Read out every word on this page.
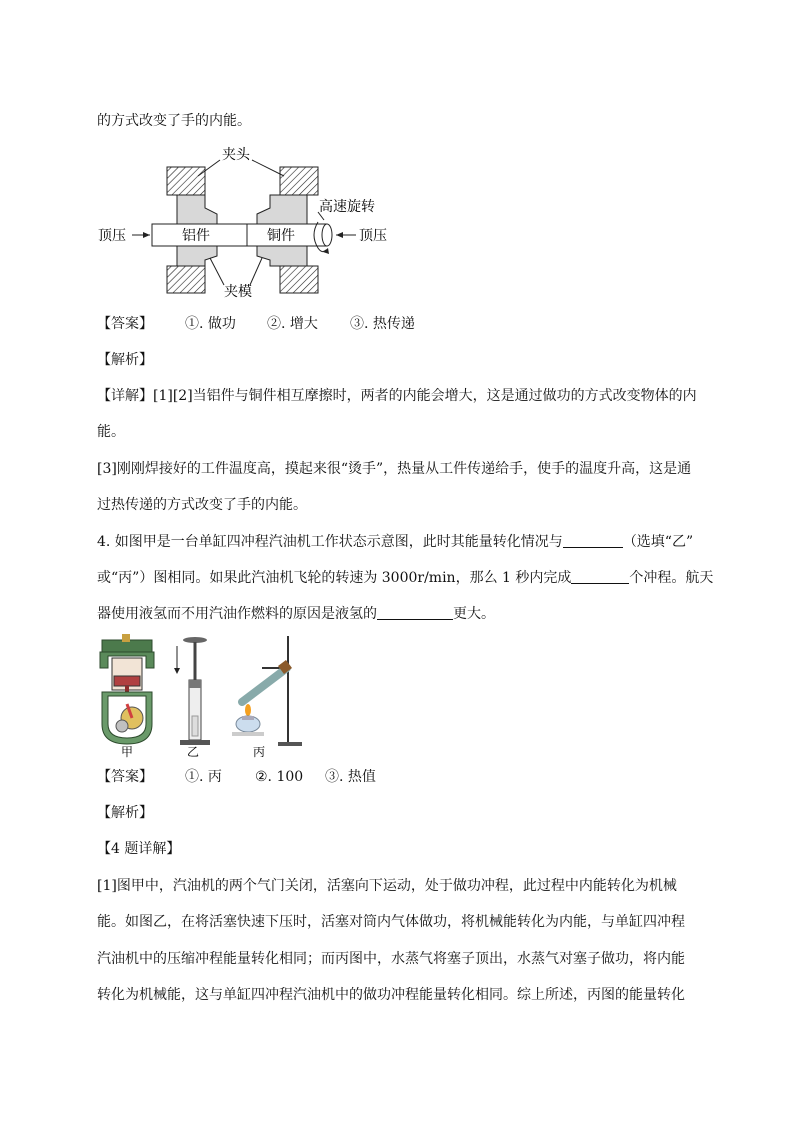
的方式改变了手的内能。
夹头
铝件	铜件
高速旋转
顶压	顶压
夹模
【答案】 ①. 做功 ②. 增大 ③. 热传递
【解析】
【详解】[1][2]当铝件与铜件相互摩擦时，两者的内能会增大，这是通过做功的方式改变物体的内
能。
[3]刚刚焊接好的工件温度高，摸起来很“烫手”，热量从工件传递给手，使手的温度升高，这是通
过热传递的方式改变了手的内能。
4. 如图甲是一台单缸四冲程汽油机工作状态示意图，此时其能量转化情况与	（选填“乙”
或“丙”）图相同。如果此汽油机飞轮的转速为 3000r/min，那么 1 秒内完成	个冲程。航天
器使用液氢而不用汽油作燃料的原因是液氢的	更大。
甲	乙	丙
【答案】 ①. 丙 ②. 100 ③. 热值
【解析】
【4 题详解】
[1]图甲中，汽油机的两个气门关闭，活塞向下运动，处于做功冲程，此过程中内能转化为机械
能。如图乙，在将活塞快速下压时，活塞对筒内气体做功，将机械能转化为内能，与单缸四冲程
汽油机中的压缩冲程能量转化相同；而丙图中，水蒸气将塞子顶出，水蒸气对塞子做功，将内能
转化为机械能，这与单缸四冲程汽油机中的做功冲程能量转化相同。综上所述，丙图的能量转化
